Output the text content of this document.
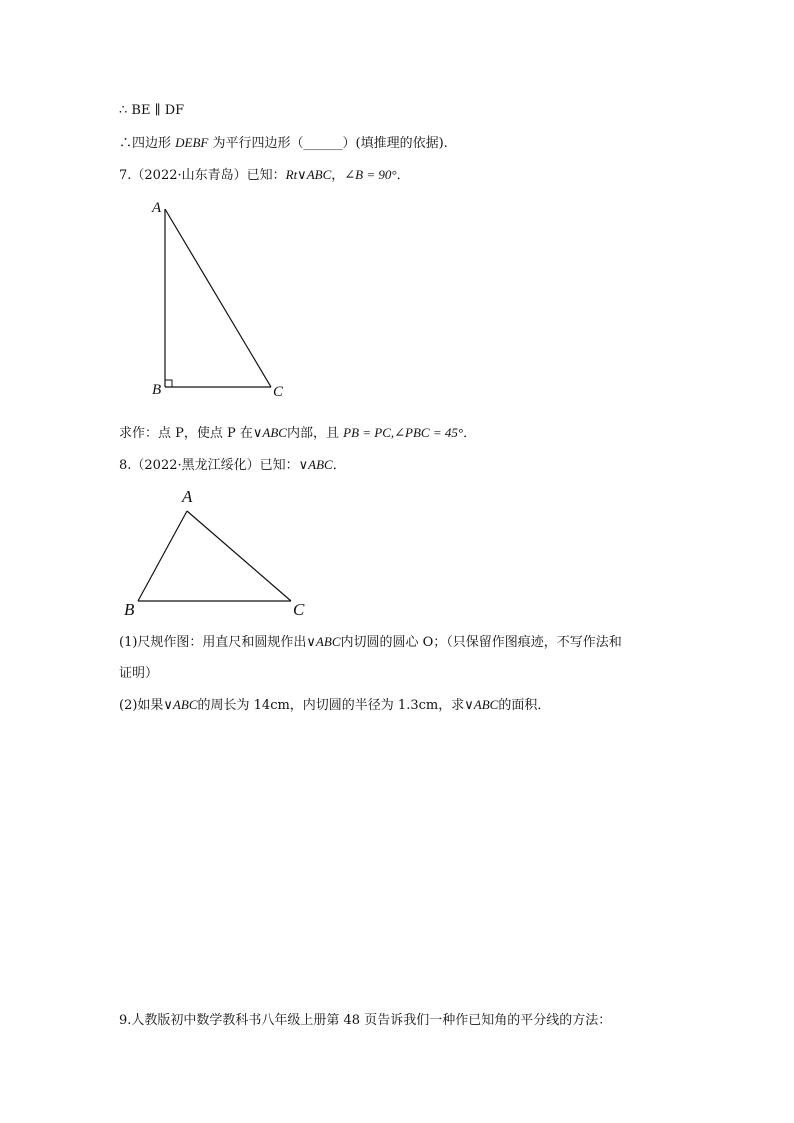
∴ BE ∥ DF

∴四边形 DEBF 为平行四边形（______）(填推理的依据).

7.（2022·山东青岛）已知：Rt∨ABC，∠B = 90°．

A
B	C

求作：点 P，使点 P 在∨ABC内部，且 PB = PC,∠PBC = 45°．

8.（2022·黑龙江绥化）已知：∨ABC．

A
B	C

(1)尺规作图：用直尺和圆规作出∨ABC内切圆的圆心 O；（只保留作图痕迹，不写作法和

证明）

(2)如果∨ABC的周长为 14cm，内切圆的半径为 1.3cm，求∨ABC的面积．

9.人教版初中数学教科书八年级上册第 48 页告诉我们一种作已知角的平分线的方法：
